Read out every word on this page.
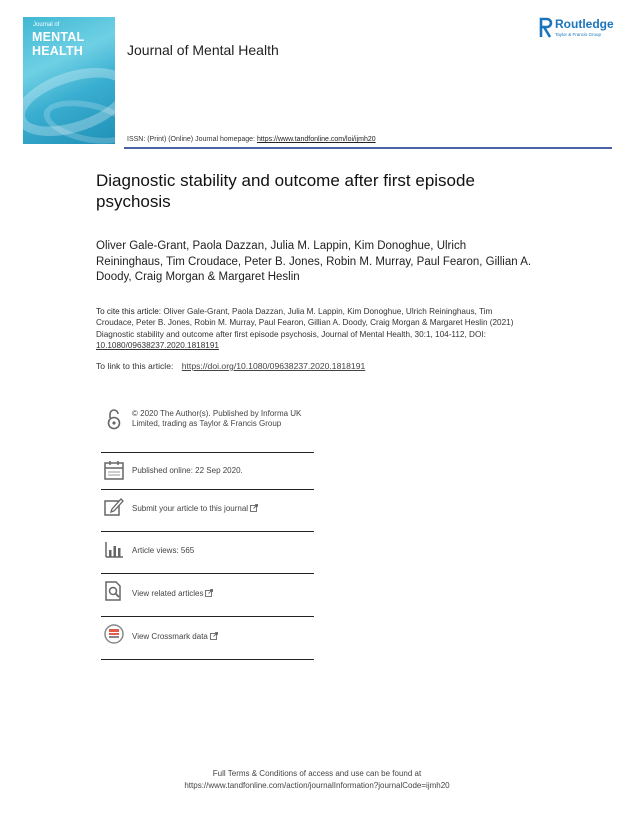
Journal of
MENTAL
HEALTH	Journal of Mental Health
Routledge
Taylor & Francis Group
ISSN: (Print) (Online) Journal homepage: https://www.tandfonline.com/loi/ijmh20
Diagnostic stability and outcome after first episode psychosis
Oliver Gale-Grant, Paola Dazzan, Julia M. Lappin, Kim Donoghue, Ulrich Reininghaus, Tim Croudace, Peter B. Jones, Robin M. Murray, Paul Fearon, Gillian A. Doody, Craig Morgan & Margaret Heslin
To cite this article: Oliver Gale-Grant, Paola Dazzan, Julia M. Lappin, Kim Donoghue, Ulrich Reininghaus, Tim Croudace, Peter B. Jones, Robin M. Murray, Paul Fearon, Gillian A. Doody, Craig Morgan & Margaret Heslin (2021) Diagnostic stability and outcome after first episode psychosis, Journal of Mental Health, 30:1, 104-112, DOI: 10.1080/09638237.2020.1818191
To link to this article: https://doi.org/10.1080/09638237.2020.1818191
© 2020 The Author(s). Published by Informa UK Limited, trading as Taylor & Francis Group
Published online: 22 Sep 2020.
Submit your article to this journal
Article views: 565
View related articles
View Crossmark data
Full Terms & Conditions of access and use can be found at
https://www.tandfonline.com/action/journalInformation?journalCode=ijmh20
